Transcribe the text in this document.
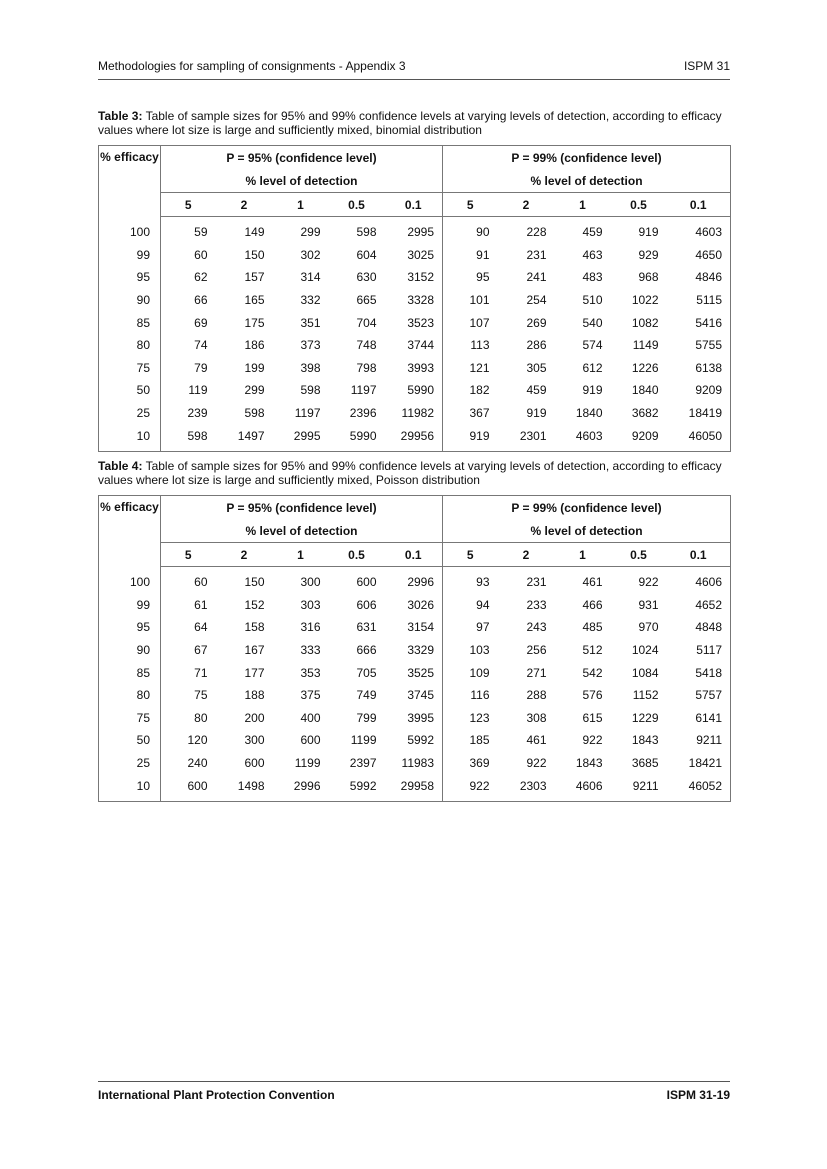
Methodologies for sampling of consignments - Appendix 3	ISPM 31
Table 3: Table of sample sizes for 95% and 99% confidence levels at varying levels of detection, according to efficacy values where lot size is large and sufficiently mixed, binomial distribution
% efficacy	P = 95% (confidence level)					P = 99% (confidence level)				
	% level of detection					% level of detection				
	5	2	1	0.5	0.1	5	2	1	0.5	0.1
100	59	149	299	598	2995	90	228	459	919	4603
99	60	150	302	604	3025	91	231	463	929	4650
95	62	157	314	630	3152	95	241	483	968	4846
90	66	165	332	665	3328	101	254	510	1022	5115
85	69	175	351	704	3523	107	269	540	1082	5416
80	74	186	373	748	3744	113	286	574	1149	5755
75	79	199	398	798	3993	121	305	612	1226	6138
50	119	299	598	1197	5990	182	459	919	1840	9209
25	239	598	1197	2396	11982	367	919	1840	3682	18419
10	598	1497	2995	5990	29956	919	2301	4603	9209	46050
Table 4: Table of sample sizes for 95% and 99% confidence levels at varying levels of detection, according to efficacy values where lot size is large and sufficiently mixed, Poisson distribution
% efficacy	P = 95% (confidence level)					P = 99% (confidence level)				
	% level of detection					% level of detection				
	5	2	1	0.5	0.1	5	2	1	0.5	0.1
100	60	150	300	600	2996	93	231	461	922	4606
99	61	152	303	606	3026	94	233	466	931	4652
95	64	158	316	631	3154	97	243	485	970	4848
90	67	167	333	666	3329	103	256	512	1024	5117
85	71	177	353	705	3525	109	271	542	1084	5418
80	75	188	375	749	3745	116	288	576	1152	5757
75	80	200	400	799	3995	123	308	615	1229	6141
50	120	300	600	1199	5992	185	461	922	1843	9211
25	240	600	1199	2397	11983	369	922	1843	3685	18421
10	600	1498	2996	5992	29958	922	2303	4606	9211	46052
International Plant Protection Convention	ISPM 31-19
